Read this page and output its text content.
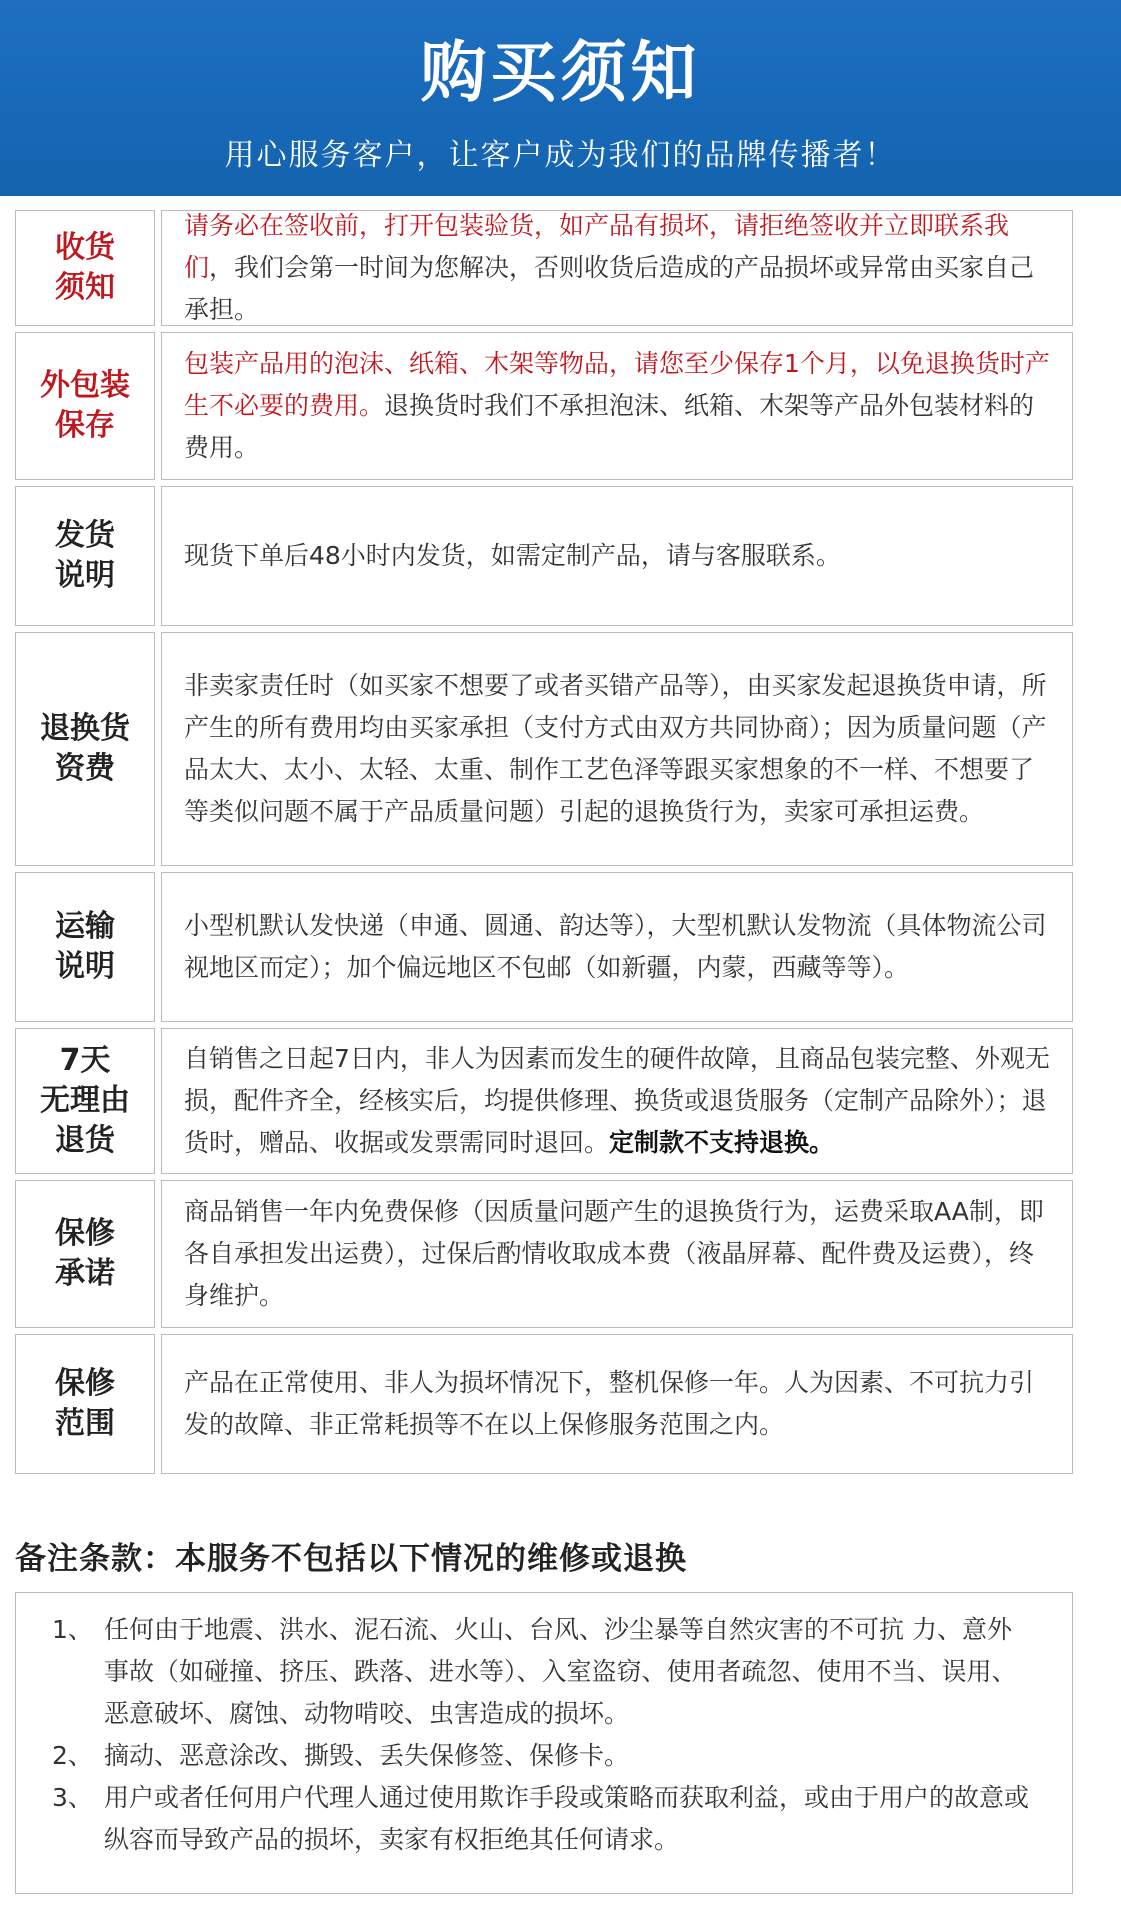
购买须知
用心服务客户，让客户成为我们的品牌传播者！
收货
须知

请务必在签收前，打开包装验货，如产品有损坏，请拒绝签收并立即联系我们，我们会第一时间为您解决，否则收货后造成的产品损坏或异常由买家自己承担。

外包装
保存

包装产品用的泡沫、纸箱、木架等物品，请您至少保存1个月，以免退换货时产生不必要的费用。退换货时我们不承担泡沫、纸箱、木架等产品外包装材料的费用。

发货
说明

现货下单后48小时内发货，如需定制产品，请与客服联系。

退换货
资费

非卖家责任时（如买家不想要了或者买错产品等），由买家发起退换货申请，所产生的所有费用均由买家承担（支付方式由双方共同协商）；因为质量问题（产品太大、太小、太轻、太重、制作工艺色泽等跟买家想象的不一样、不想要了等类似问题不属于产品质量问题）引起的退换货行为，卖家可承担运费。

运输
说明

小型机默认发快递（申通、圆通、韵达等），大型机默认发物流（具体物流公司视地区而定）；加个偏远地区不包邮（如新疆，内蒙，西藏等等）。

7天
无理由
退货

自销售之日起7日内，非人为因素而发生的硬件故障，且商品包装完整、外观无损，配件齐全，经核实后，均提供修理、换货或退货服务（定制产品除外）；退货时，赠品、收据或发票需同时退回。定制款不支持退换。

保修
承诺

商品销售一年内免费保修（因质量问题产生的退换货行为，运费采取AA制，即各自承担发出运费），过保后酌情收取成本费（液晶屏幕、配件费及运费），终身维护。

保修
范围

产品在正常使用、非人为损坏情况下，整机保修一年。人为因素、不可抗力引发的故障、非正常耗损等不在以上保修服务范围之内。

备注条款：本服务不包括以下情况的维修或退换
1、 任何由于地震、洪水、泥石流、火山、台风、沙尘暴等自然灾害的不可抗 力、意外事故（如碰撞、挤压、跌落、进水等）、入室盗窃、使用者疏忽、使用不当、误用、恶意破坏、腐蚀、动物啃咬、虫害造成的损坏。
2、 摘动、恶意涂改、撕毁、丢失保修签、保修卡。
3、 用户或者任何用户代理人通过使用欺诈手段或策略而获取利益，或由于用户的故意或纵容而导致产品的损坏，卖家有权拒绝其任何请求。
